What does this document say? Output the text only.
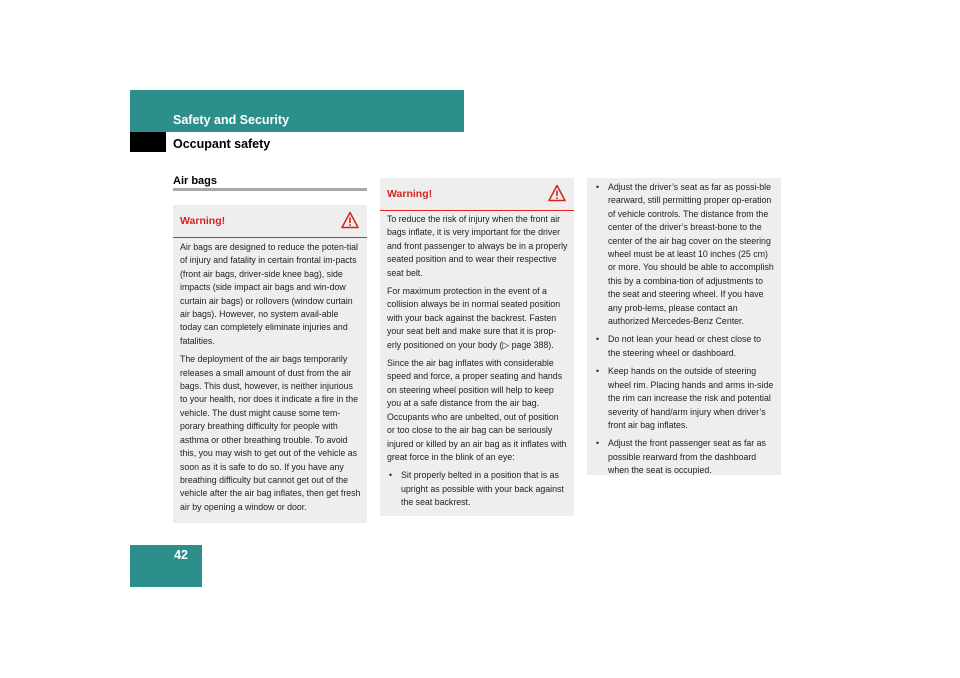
Safety and Security
Occupant safety
42
Air bags
Warning!

Air bags are designed to reduce the poten-tial of injury and fatality in certain frontal im-pacts (front air bags, driver-side knee bag), side impacts (side impact air bags and win-dow curtain air bags) or rollovers (window curtain air bags). However, no system avail-able today can completely eliminate injuries and fatalities.

The deployment of the air bags temporarily releases a small amount of dust from the air bags. This dust, however, is neither injurious to your health, nor does it indicate a fire in the vehicle. The dust might cause some tem-porary breathing difficulty for people with asthma or other breathing trouble. To avoid this, you may wish to get out of the vehicle as soon as it is safe to do so. If you have any breathing difficulty but cannot get out of the vehicle after the air bag inflates, then get fresh air by opening a window or door.

Warning!

To reduce the risk of injury when the front air bags inflate, it is very important for the driver and front passenger to always be in a properly seated position and to wear their respective seat belt.

For maximum protection in the event of a collision always be in normal seated position with your back against the backrest. Fasten your seat belt and make sure that it is prop-erly positioned on your body (▷ page 388).

Since the air bag inflates with considerable speed and force, a proper seating and hands on steering wheel position will help to keep you at a safe distance from the air bag. Occupants who are unbelted, out of position or too close to the air bag can be seriously injured or killed by an air bag as it inflates with great force in the blink of an eye:

• Sit properly belted in a position that is as upright as possible with your back against the seat backrest.
• Adjust the driver’s seat as far as possi-ble rearward, still permitting proper op-eration of vehicle controls. The distance from the center of the driver’s breast-bone to the center of the air bag cover on the steering wheel must be at least 10 inches (25 cm) or more. You should be able to accomplish this by a combina-tion of adjustments to the seat and steering wheel. If you have any prob-lems, please contact an authorized Mercedes-Benz Center.
• Do not lean your head or chest close to the steering wheel or dashboard.
• Keep hands on the outside of steering wheel rim. Placing hands and arms in-side the rim can increase the risk and potential severity of hand/arm injury when driver’s front air bag inflates.
• Adjust the front passenger seat as far as possible rearward from the dashboard when the seat is occupied.
